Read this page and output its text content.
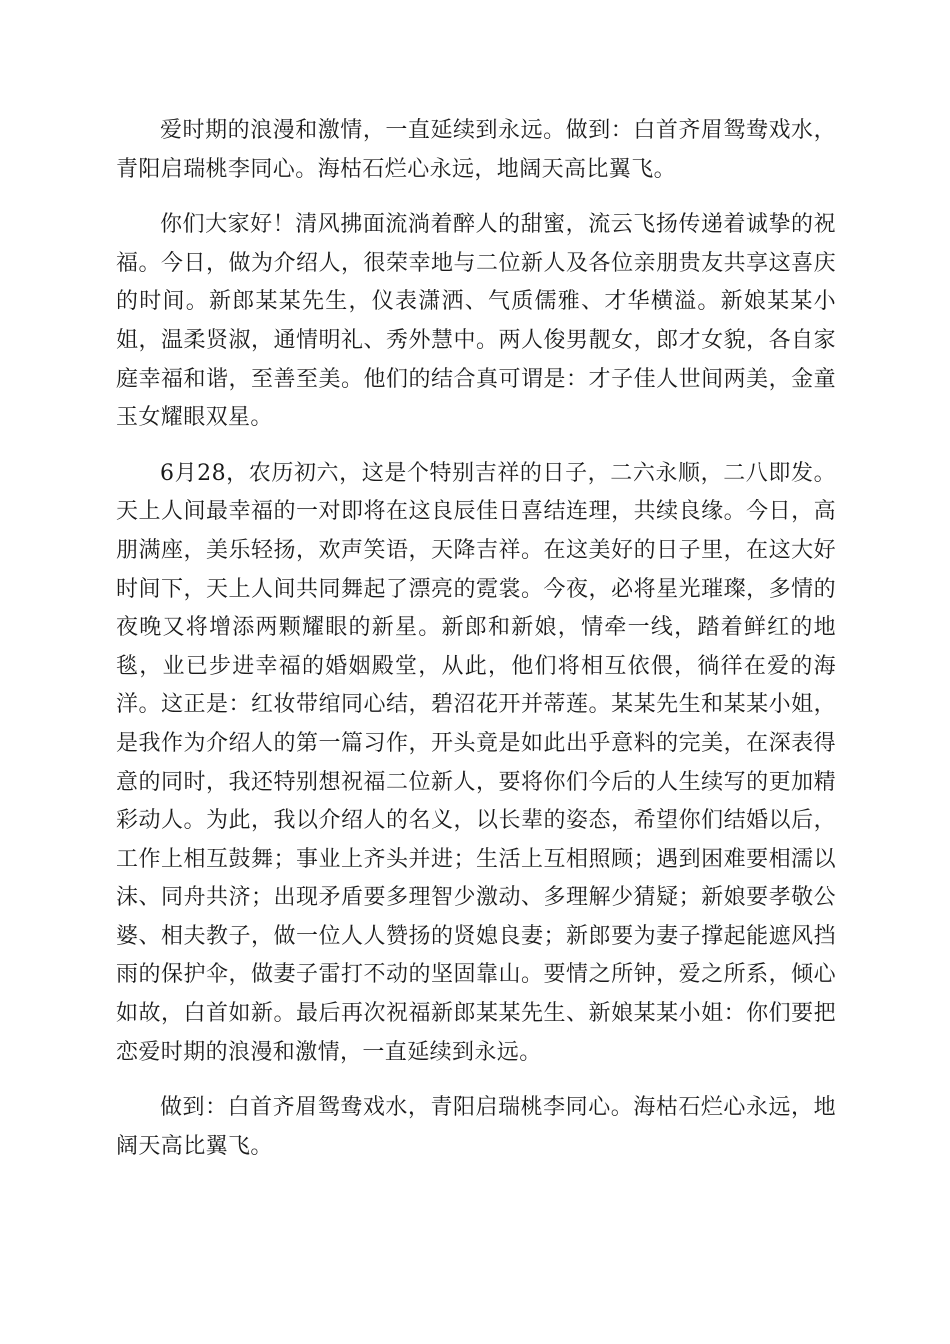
爱时期的浪漫和激情，一直延续到永远。做到：白首齐眉鸳鸯戏水，青阳启瑞桃李同心。海枯石烂心永远，地阔天高比翼飞。

你们大家好！清风拂面流淌着醉人的甜蜜，流云飞扬传递着诚挚的祝福。今日，做为介绍人，很荣幸地与二位新人及各位亲朋贵友共享这喜庆的时间。新郎某某先生，仪表潇洒、气质儒雅、才华横溢。新娘某某小姐，温柔贤淑，通情明礼、秀外慧中。两人俊男靓女，郎才女貌，各自家庭幸福和谐，至善至美。他们的结合真可谓是：才子佳人世间两美，金童玉女耀眼双星。

6月28，农历初六，这是个特别吉祥的日子，二六永顺，二八即发。天上人间最幸福的一对即将在这良辰佳日喜结连理，共续良缘。今日，高朋满座，美乐轻扬，欢声笑语，天降吉祥。在这美好的日子里，在这大好时间下，天上人间共同舞起了漂亮的霓裳。今夜，必将星光璀璨，多情的夜晚又将增添两颗耀眼的新星。新郎和新娘，情牵一线，踏着鲜红的地毯，业已步进幸福的婚姻殿堂，从此，他们将相互依偎，徜徉在爱的海洋。这正是：红妆带绾同心结，碧沼花开并蒂莲。某某先生和某某小姐，是我作为介绍人的第一篇习作，开头竟是如此出乎意料的完美，在深表得意的同时，我还特别想祝福二位新人，要将你们今后的人生续写的更加精彩动人。为此，我以介绍人的名义，以长辈的姿态，希望你们结婚以后，工作上相互鼓舞；事业上齐头并进；生活上互相照顾；遇到困难要相濡以沫、同舟共济；出现矛盾要多理智少激动、多理解少猜疑；新娘要孝敬公婆、相夫教子，做一位人人赞扬的贤媳良妻；新郎要为妻子撑起能遮风挡雨的保护伞，做妻子雷打不动的坚固靠山。要情之所钟，爱之所系，倾心如故，白首如新。最后再次祝福新郎某某先生、新娘某某小姐：你们要把恋爱时期的浪漫和激情，一直延续到永远。

做到：白首齐眉鸳鸯戏水，青阳启瑞桃李同心。海枯石烂心永远，地阔天高比翼飞。
